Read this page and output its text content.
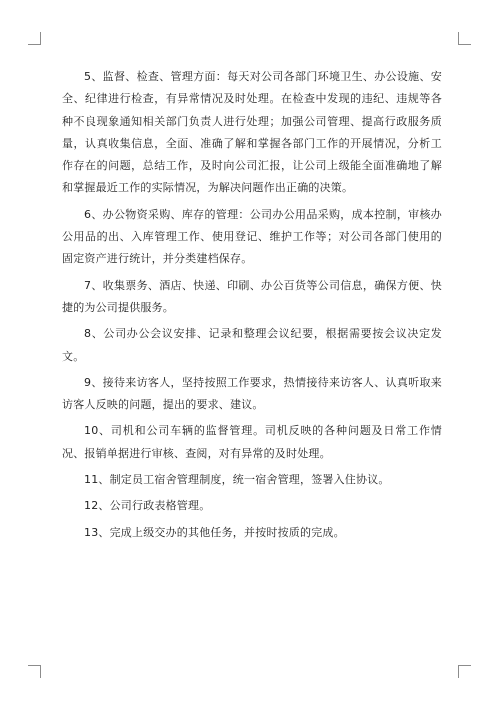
5、监督、检查、管理方面：每天对公司各部门环境卫生、办公设施、安全、纪律进行检查，有异常情况及时处理。在检查中发现的违纪、违规等各种不良现象通知相关部门负责人进行处理；加强公司管理、提高行政服务质量，认真收集信息，全面、准确了解和掌握各部门工作的开展情况，分析工作存在的问题，总结工作，及时向公司汇报，让公司上级能全面准确地了解和掌握最近工作的实际情况，为解决问题作出正确的决策。

6、办公物资采购、库存的管理：公司办公用品采购，成本控制，审核办公用品的出、入库管理工作、使用登记、维护工作等；对公司各部门使用的固定资产进行统计，并分类建档保存。

7、收集票务、酒店、快递、印刷、办公百货等公司信息，确保方便、快捷的为公司提供服务。

8、公司办公会议安排、记录和整理会议纪要，根据需要按会议决定发文。

9、接待来访客人，坚持按照工作要求，热情接待来访客人、认真听取来访客人反映的问题，提出的要求、建议。

10、司机和公司车辆的监督管理。司机反映的各种问题及日常工作情况、报销单据进行审核、查阅，对有异常的及时处理。

11、制定员工宿舍管理制度，统一宿舍管理，签署入住协议。

12、公司行政表格管理。

13、完成上级交办的其他任务，并按时按质的完成。
